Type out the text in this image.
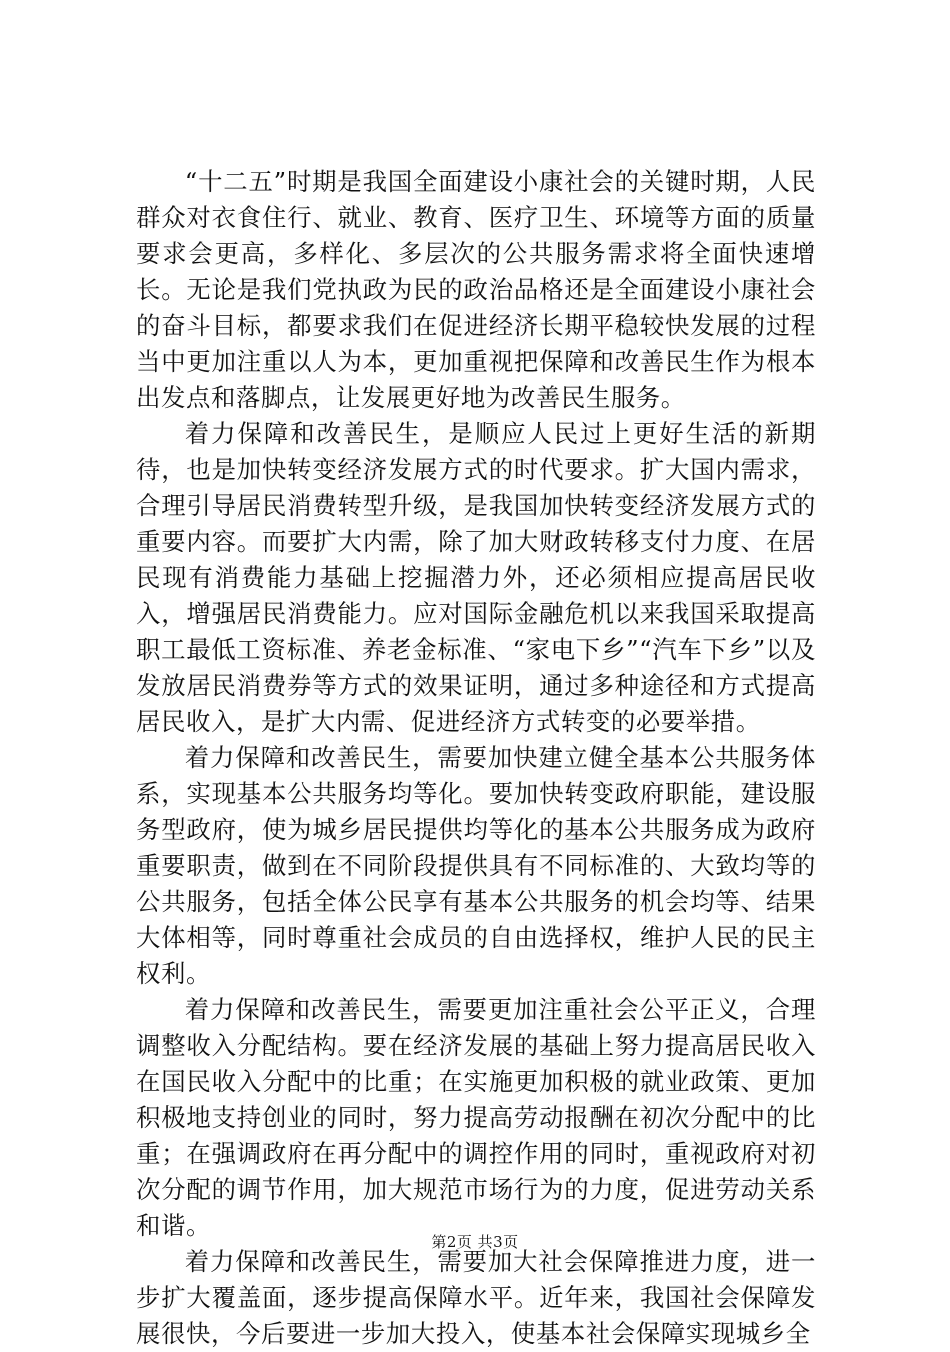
“十二五”时期是我国全面建设小康社会的关键时期，人民群众对衣食住行、就业、教育、医疗卫生、环境等方面的质量要求会更高，多样化、多层次的公共服务需求将全面快速增长。无论是我们党执政为民的政治品格还是全面建设小康社会的奋斗目标，都要求我们在促进经济长期平稳较快发展的过程当中更加注重以人为本，更加重视把保障和改善民生作为根本出发点和落脚点，让发展更好地为改善民生服务。

着力保障和改善民生，是顺应人民过上更好生活的新期待，也是加快转变经济发展方式的时代要求。扩大国内需求，合理引导居民消费转型升级，是我国加快转变经济发展方式的重要内容。而要扩大内需，除了加大财政转移支付力度、在居民现有消费能力基础上挖掘潜力外，还必须相应提高居民收入，增强居民消费能力。应对国际金融危机以来我国采取提高职工最低工资标准、养老金标准、“家电下乡”“汽车下乡”以及发放居民消费券等方式的效果证明，通过多种途径和方式提高居民收入，是扩大内需、促进经济方式转变的必要举措。

着力保障和改善民生，需要加快建立健全基本公共服务体系，实现基本公共服务均等化。要加快转变政府职能，建设服务型政府，使为城乡居民提供均等化的基本公共服务成为政府重要职责，做到在不同阶段提供具有不同标准的、大致均等的公共服务，包括全体公民享有基本公共服务的机会均等、结果大体相等，同时尊重社会成员的自由选择权，维护人民的民主权利。

着力保障和改善民生，需要更加注重社会公平正义，合理调整收入分配结构。要在经济发展的基础上努力提高居民收入在国民收入分配中的比重；在实施更加积极的就业政策、更加积极地支持创业的同时，努力提高劳动报酬在初次分配中的比重；在强调政府在再分配中的调控作用的同时，重视政府对初次分配的调节作用，加大规范市场行为的力度，促进劳动关系和谐。

着力保障和改善民生，需要加大社会保障推进力度，进一步扩大覆盖面，逐步提高保障水平。近年来，我国社会保障发展很快，今后要进一步加大投入，使基本社会保障实现城乡全

第2页 共3页
